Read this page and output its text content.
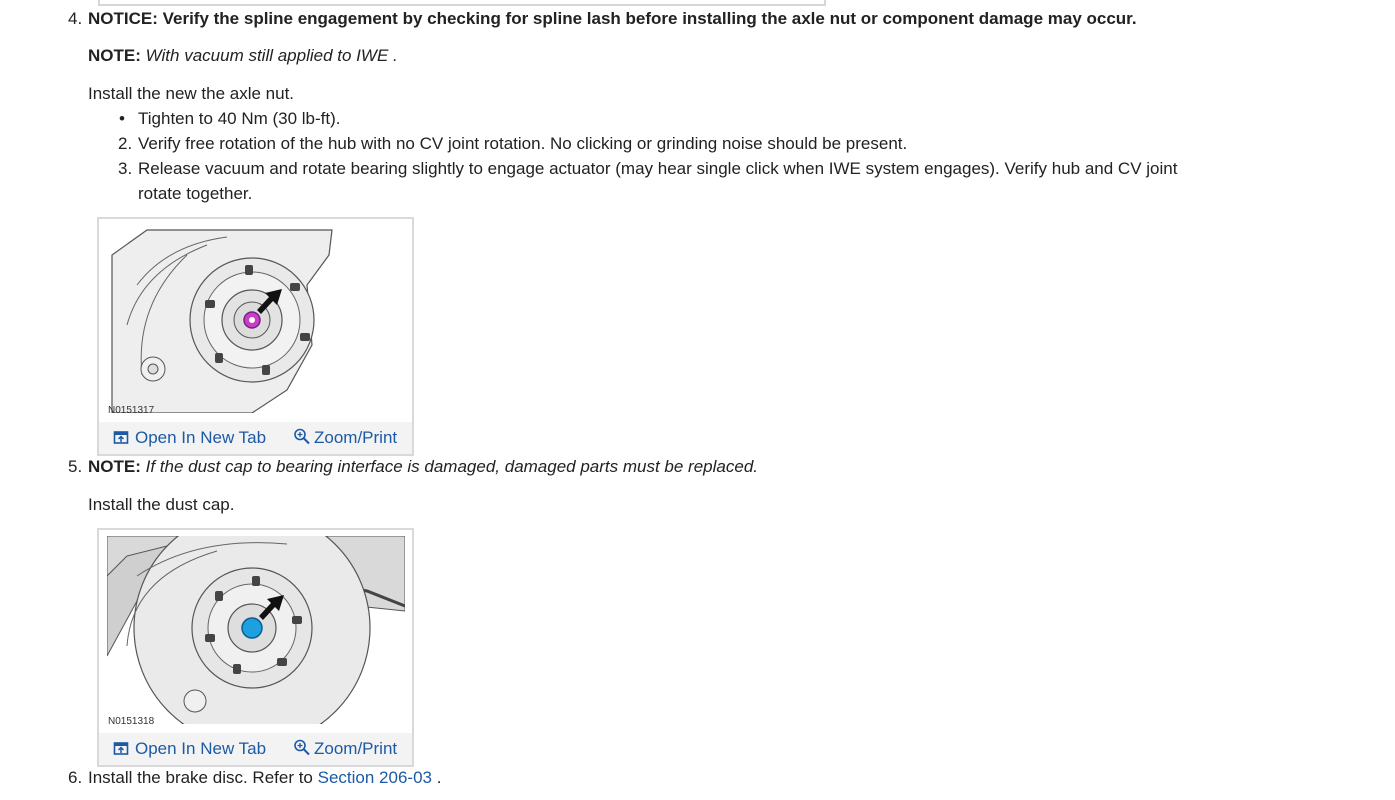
4. NOTICE: Verify the spline engagement by checking for spline lash before installing the axle nut or component damage may occur.
NOTE: With vacuum still applied to IWE .
Install the new the axle nut.
• Tighten to 40 Nm (30 lb-ft).
2. Verify free rotation of the hub with no CV joint rotation. No clicking or grinding noise should be present.
3. Release vacuum and rotate bearing slightly to engage actuator (may hear single click when IWE system engages). Verify hub and CV joint
rotate together.
N0151317
Open In New Tab	Zoom/Print
5. NOTE: If the dust cap to bearing interface is damaged, damaged parts must be replaced.
Install the dust cap.
N0151318
Open In New Tab	Zoom/Print
6. Install the brake disc. Refer to Section 206-03 .
